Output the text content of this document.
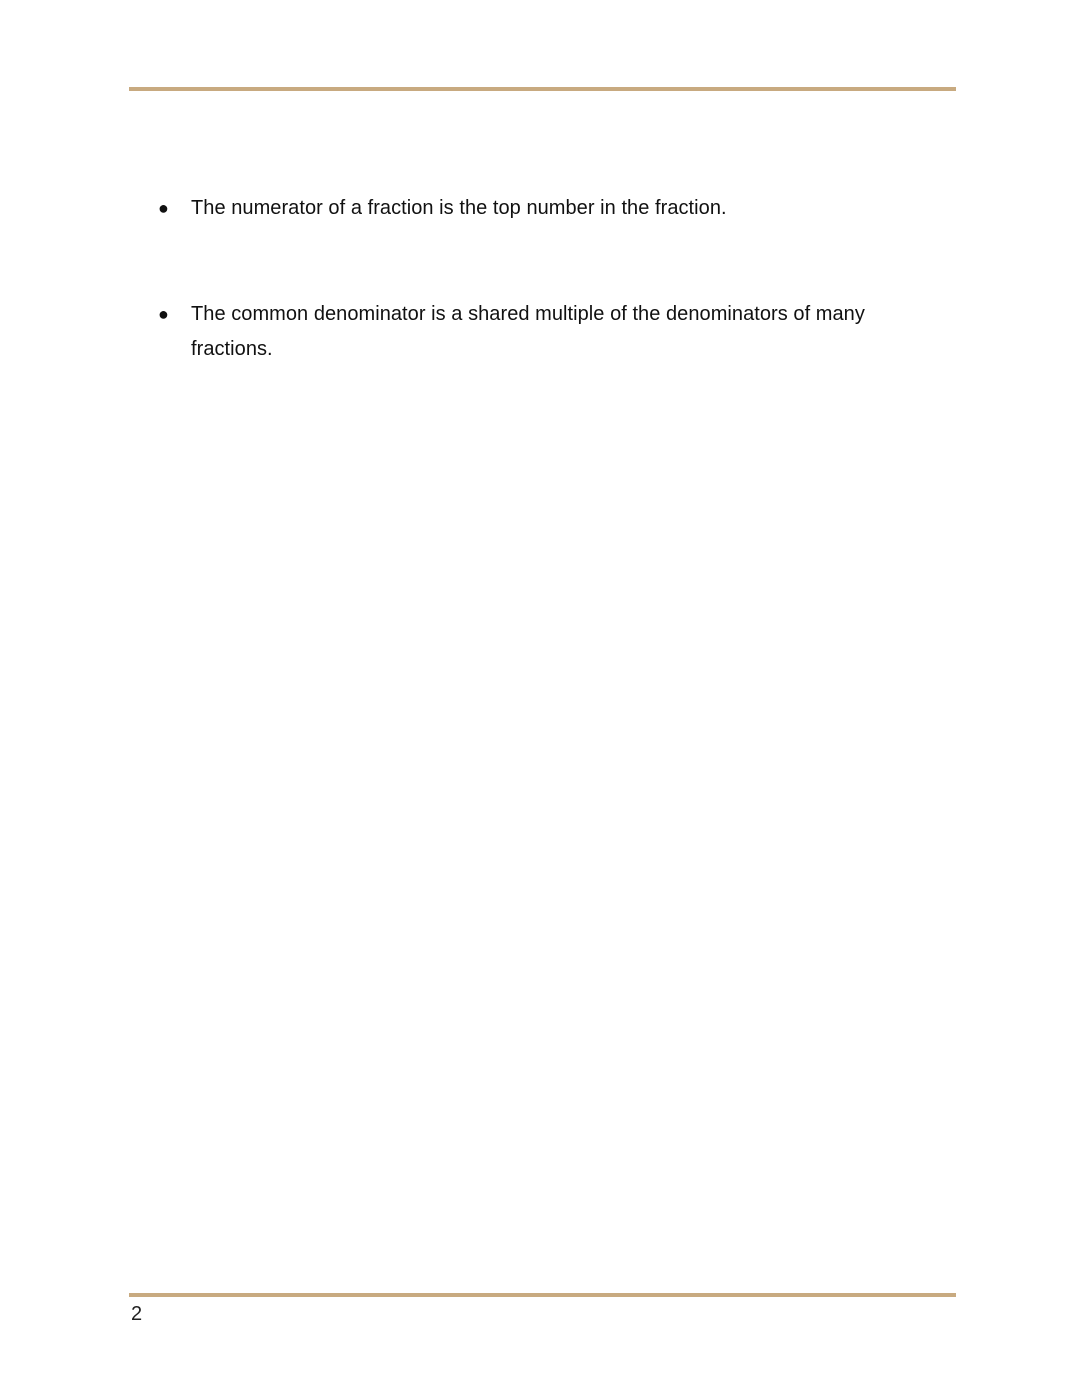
● The numerator of a fraction is the top number in the fraction.
● The common denominator is a shared multiple of the denominators of many fractions.
2
